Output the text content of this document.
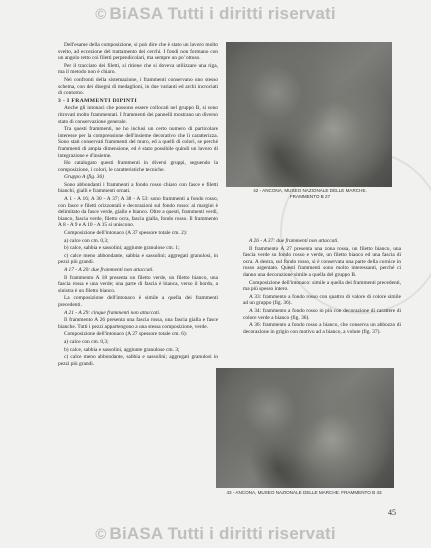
© BiASA Tutti i diritti riservati

Dell'esame della composizione, si può dire che è stato un lavoro molto svelto, ad eccezione del trattamento dei cerchi. I fondi non formano con un angolo retto coi filetti perpendicolari, ma sempre un po' ottuso.

Per il tracciato dei filetti, si ritiene che si doveva utilizzare una riga, ma il metodo non è chiaro.

Nei confronti della sistemazione, i frammenti conservano uno stesso schema, con dei disegni di medaglioni, in due varianti ed archi incrociati di contorno.

3 - I FRAMMENTI DIPINTI

Anche gli intonaci che possono essere collocati nel gruppo B, si sono ritrovati molto frammentati. I frammenti dei pannelli mostrano un diverso stato di conservazione generale.

Tra questi frammenti, ne ho inclusi un certo numero di particolare interesse per la comprensione dell'insieme decorativo che li caratterizza. Sono stati conservati frammenti del muro, ed a quelli di colori, se perché frammenti di ampia dimensione, ed è stato possibile quindi un lavoro di integrazione e d'insieme.

Ho catalogato questi frammenti in diversi gruppi, seguendo la composizione, i colori, le caratteristiche tecniche.

Gruppo A (fig. 36)

Sono abbondanti i frammenti a fondo rosso chiaro con fasce e filetti bianchi, gialli e frammenti ornati.

A 1 - A 16; A 30 - A 37; A 38 - A 53: sono frammenti a fondo rosso, con fasce e filetti orizzontali e decorazioni sul fondo rosso: ai margini è delimitato da fasce verde, giallo e bianco. Oltre a questi, frammenti verdi, bianco, fascia verde, filetto ocra, fascia gialla, fondo rosso. Il frammento A 8 - A 9 e A 10 - A 15 si uniscono.

Composizione dell'intonaco (A 37 spessore totale cm. 2):

a) calce con cm. 0,3;

b) calce, sabbia e sassolini; aggiunte granulose cm. 1;

c) calce meno abbondante, sabbia e sassolini; aggregati granulosi, in pezzi più grandi.

A 17 - A 20: due frammenti non attaccati.

Il frammento A 18 presenta un filetto verde, un filetto bianco, una fascia rossa e una verde; una parte di fascia è bianca, verso il bordo, a sinistra è un filetto bianco.

La composizione dell'intonaco è simile a quella dei frammenti precedenti.

A 21 - A 29: cinque frammenti non attaccati.

Il frammento A 26 presenta una fascia rossa, una fascia gialla e fasce bianche. Tutti i pezzi appartengono a una stessa composizione, verde.

Composizione dell'intonaco (A 27 spessore totale cm. 6):

a) calce con cm. 0,3;

b) calce, sabbia e sassolini, aggiunte granulose cm. 3;

c) calce meno abbondante, sabbia e sassolini; aggregati granulosi in pezzi più grandi.

42 - ANCONA, MUSEO NAZIONALE DELLE MARCHE. FRAMMENTO B 27

A 26 - A 37: due frammenti non attaccati.

Il frammento A 27 presenta una zona rossa, un filetto bianco, una fascia verde su fondo rosso e verde, un filetto bianco ed una fascia di ocra. A destra, sul fondo rosso, si è conservata una parte della cornice in rosso argentato. Questi frammenti sono molto interessanti, perché ci danno una decorazione simile a quella del gruppo B.

Composizione dell'intonaco: simile a quella dei frammenti precedenti, ma più spesso intero.

A 33: frammento a fondo rosso con quattro di valore di colore simile ad un gruppo (fig. 36).

A 34: frammento a fondo rosso in più con decorazione di carattere di colore verde a bianco (fig. 36).

A 36: frammento a fondo rosso a bianco, che conserva un abbozzo di decorazione in grigio con motivo ad a bianco, a volute (fig. 37).

43 - ANCONA, MUSEO NAZIONALE DELLE MARCHE. FRAMMENTO B 43
45
© BiASA Tutti i diritti riservati
